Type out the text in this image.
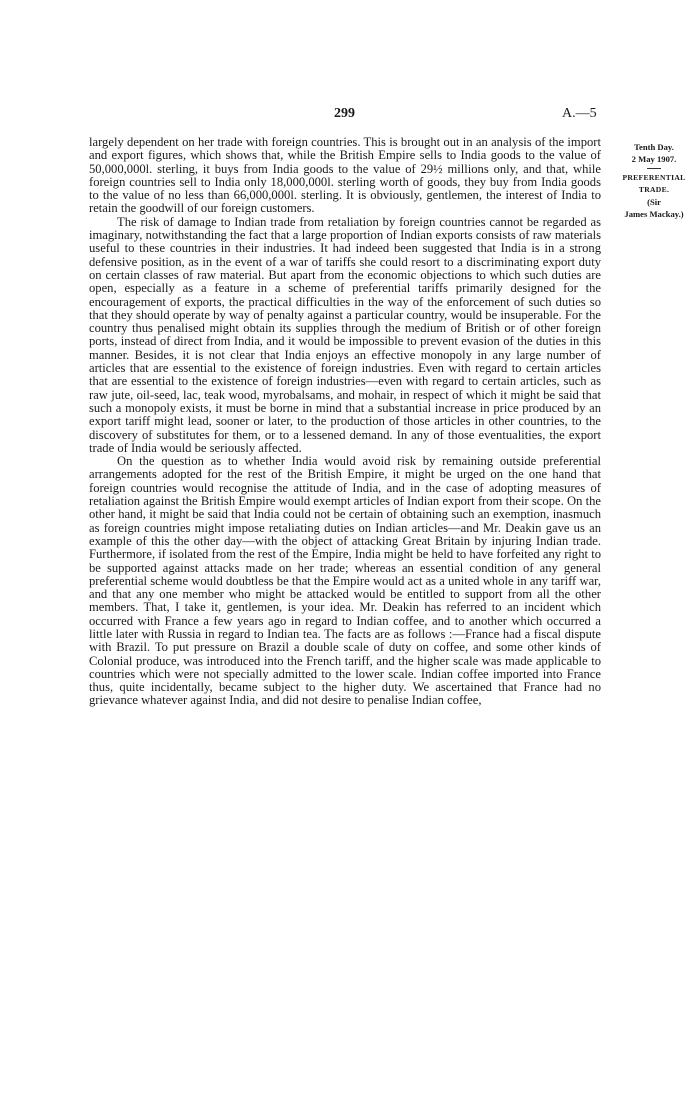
299	A.—5
Tenth Day.
2 May 1907.
PREFERENTIAL
TRADE.
(Sir
James Mackay.)

largely dependent on her trade with foreign countries. This is brought out in an analysis of the import and export figures, which shows that, while the British Empire sells to India goods to the value of 50,000,000l. sterling, it buys from India goods to the value of 29½ millions only, and that, while foreign countries sell to India only 18,000,000l. sterling worth of goods, they buy from India goods to the value of no less than 66,000,000l. sterling. It is obviously, gentlemen, the interest of India to retain the goodwill of our foreign customers.

The risk of damage to Indian trade from retaliation by foreign countries cannot be regarded as imaginary, notwithstanding the fact that a large proportion of Indian exports consists of raw materials useful to these countries in their industries. It had indeed been suggested that India is in a strong defensive position, as in the event of a war of tariffs she could resort to a discriminating export duty on certain classes of raw material. But apart from the economic objections to which such duties are open, especially as a feature in a scheme of preferential tariffs primarily designed for the encouragement of exports, the practical difficulties in the way of the enforcement of such duties so that they should operate by way of penalty against a particular country, would be insuperable. For the country thus penalised might obtain its supplies through the medium of British or of other foreign ports, instead of direct from India, and it would be impossible to prevent evasion of the duties in this manner. Besides, it is not clear that India enjoys an effective monopoly in any large number of articles that are essential to the existence of foreign industries. Even with regard to certain articles that are essential to the existence of foreign industries—even with regard to certain articles, such as raw jute, oil-seed, lac, teak wood, myrobalsams, and mohair, in respect of which it might be said that such a monopoly exists, it must be borne in mind that a substantial increase in price produced by an export tariff might lead, sooner or later, to the production of those articles in other countries, to the discovery of substitutes for them, or to a lessened demand. In any of those eventualities, the export trade of India would be seriously affected.

On the question as to whether India would avoid risk by remaining outside preferential arrangements adopted for the rest of the British Empire, it might be urged on the one hand that foreign countries would recognise the attitude of India, and in the case of adopting measures of retaliation against the British Empire would exempt articles of Indian export from their scope. On the other hand, it might be said that India could not be certain of obtaining such an exemption, inasmuch as foreign countries might impose retaliating duties on Indian articles—and Mr. Deakin gave us an example of this the other day—with the object of attacking Great Britain by injuring Indian trade. Furthermore, if isolated from the rest of the Empire, India might be held to have forfeited any right to be supported against attacks made on her trade; whereas an essential condition of any general preferential scheme would doubtless be that the Empire would act as a united whole in any tariff war, and that any one member who might be attacked would be entitled to support from all the other members. That, I take it, gentlemen, is your idea. Mr. Deakin has referred to an incident which occurred with France a few years ago in regard to Indian coffee, and to another which occurred a little later with Russia in regard to Indian tea. The facts are as follows :—France had a fiscal dispute with Brazil. To put pressure on Brazil a double scale of duty on coffee, and some other kinds of Colonial produce, was introduced into the French tariff, and the higher scale was made applicable to countries which were not specially admitted to the lower scale. Indian coffee imported into France thus, quite incidentally, became subject to the higher duty. We ascertained that France had no grievance whatever against India, and did not desire to penalise Indian coffee,
